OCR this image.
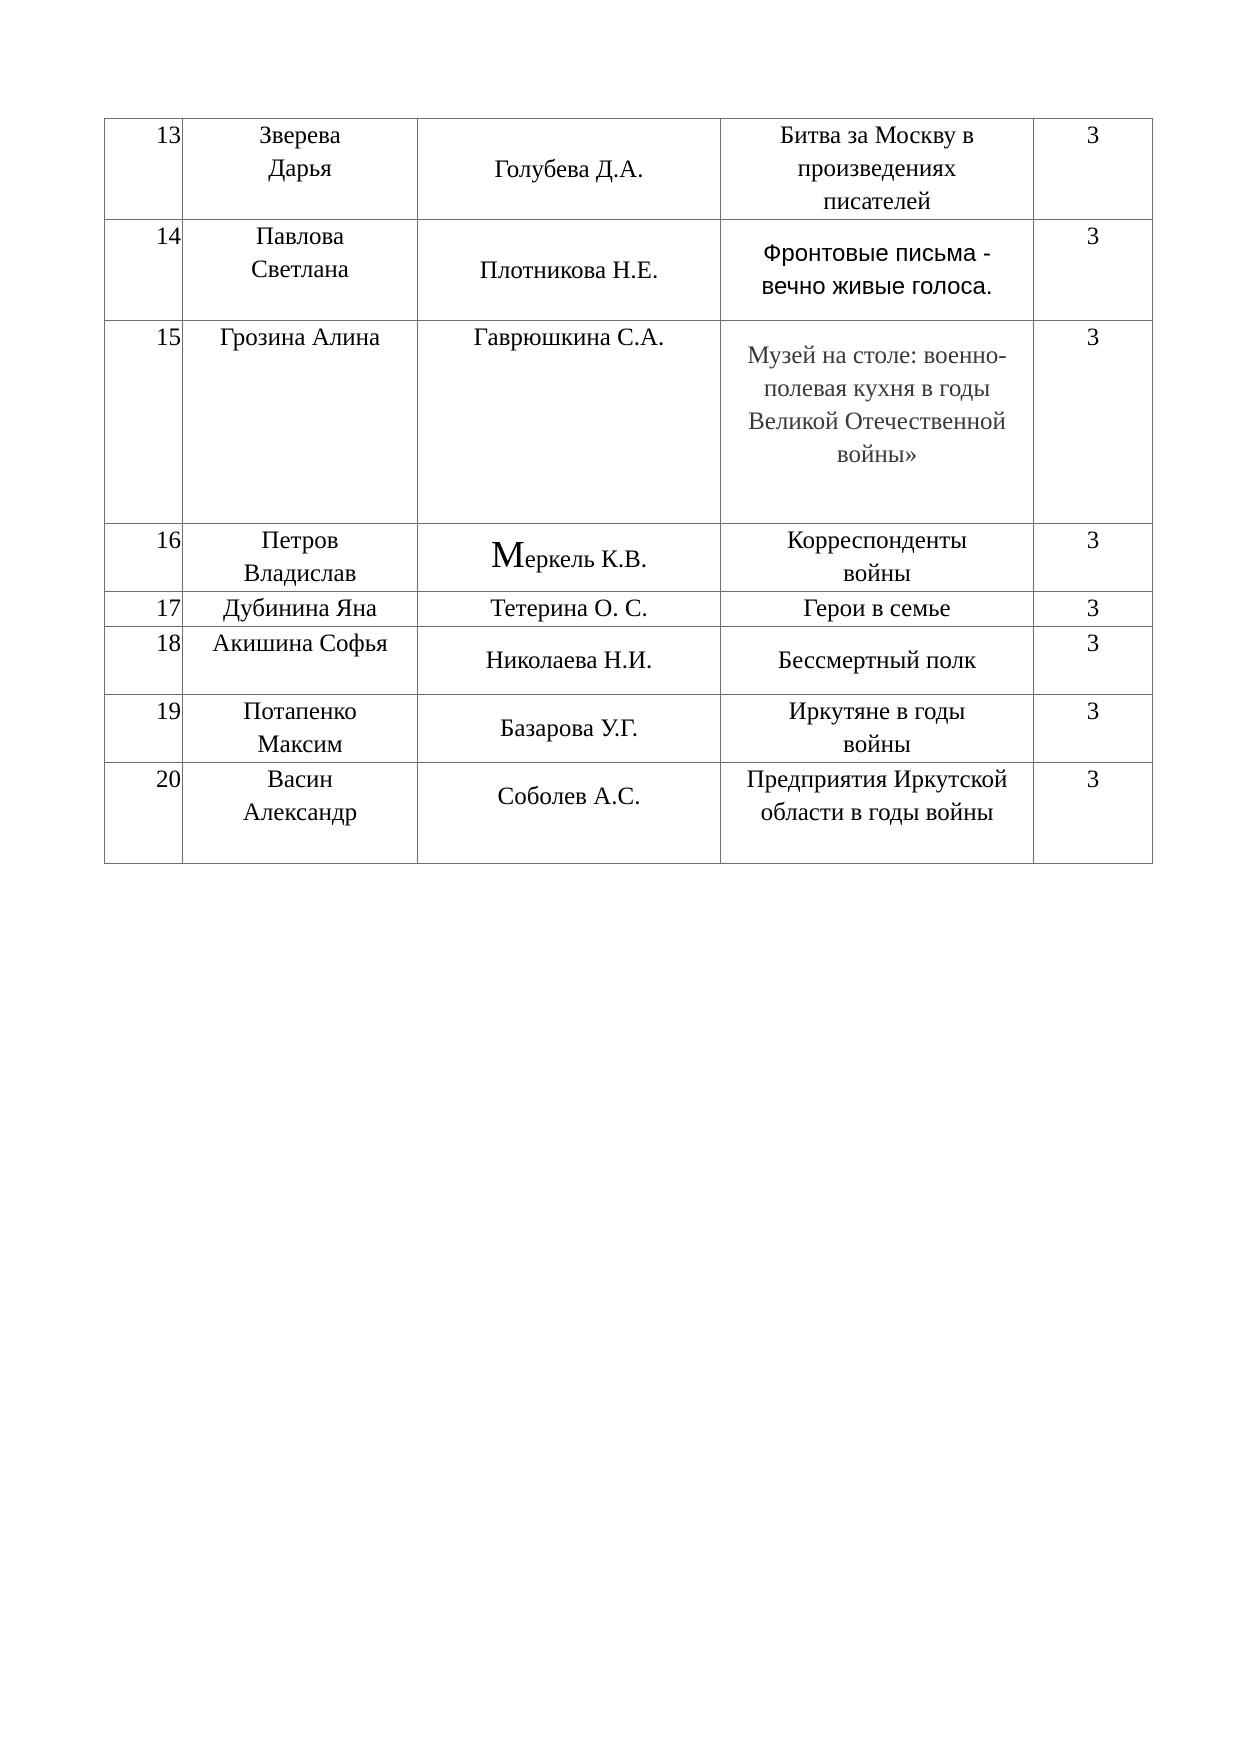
13	Зверева Дарья	Голубева Д.А.	Битва за Москву в произведениях писателей	3
14	Павлова Светлана	Плотникова Н.Е.	Фронтовые письма - вечно живые голоса.	3
15	Грозина Алина	Гаврюшкина С.А.	Музей на столе: военно-полевая кухня в годы Великой Отечественной войны»	3
16	Петров Владислав	Меркель К.В.	Корреспонденты войны	3
17	Дубинина Яна	Тетерина О. С.	Герои в семье	3
18	Акишина Софья	Николаева Н.И.	Бессмертный полк	3
19	Потапенко Максим	Базарова У.Г.	Иркутяне в годы войны	3
20	Васин Александр	Соболев А.С.	Предприятия Иркутской области в годы войны	3
